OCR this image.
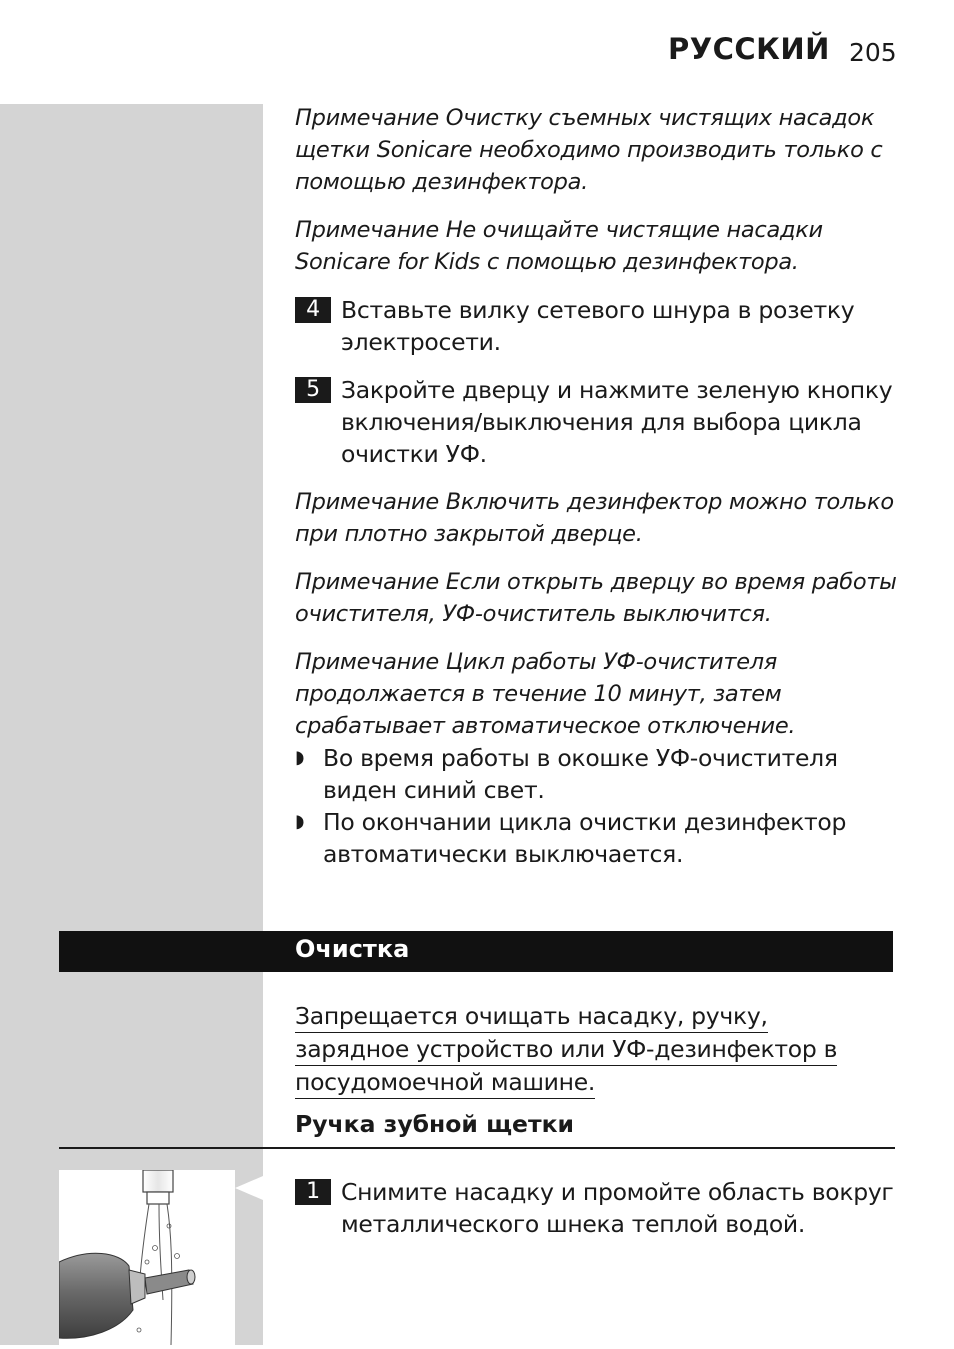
РУССКИЙ 205

Примечание Очистку съемных чистящих насадок щетки Sonicare необходимо производить только с помощью дезинфектора.

Примечание Не очищайте чистящие насадки Sonicare for Kids с помощью дезинфектора.

4 Вставьте вилку сетевого шнура в розетку электросети.
5 Закройте дверцу и нажмите зеленую кнопку включения/выключения для выбора цикла очистки УФ.

Примечание Включить дезинфектор можно только при плотно закрытой дверце.

Примечание Если открыть дверцу во время работы очистителя, УФ-очиститель выключится.

Примечание Цикл работы УФ-очистителя продолжается в течение 10 минут, затем срабатывает автоматическое отключение.

◗ Во время работы в окошке УФ-очистителя виден синий свет.
◗ По окончании цикла очистки дезинфектор автоматически выключается.
Очистка
Запрещается очищать насадку, ручку,
зарядное устройство или УФ-дезинфектор в
посудомоечной машине.
Ручка зубной щетки
1 Снимите насадку и промойте область вокруг металлического шнека теплой водой.
